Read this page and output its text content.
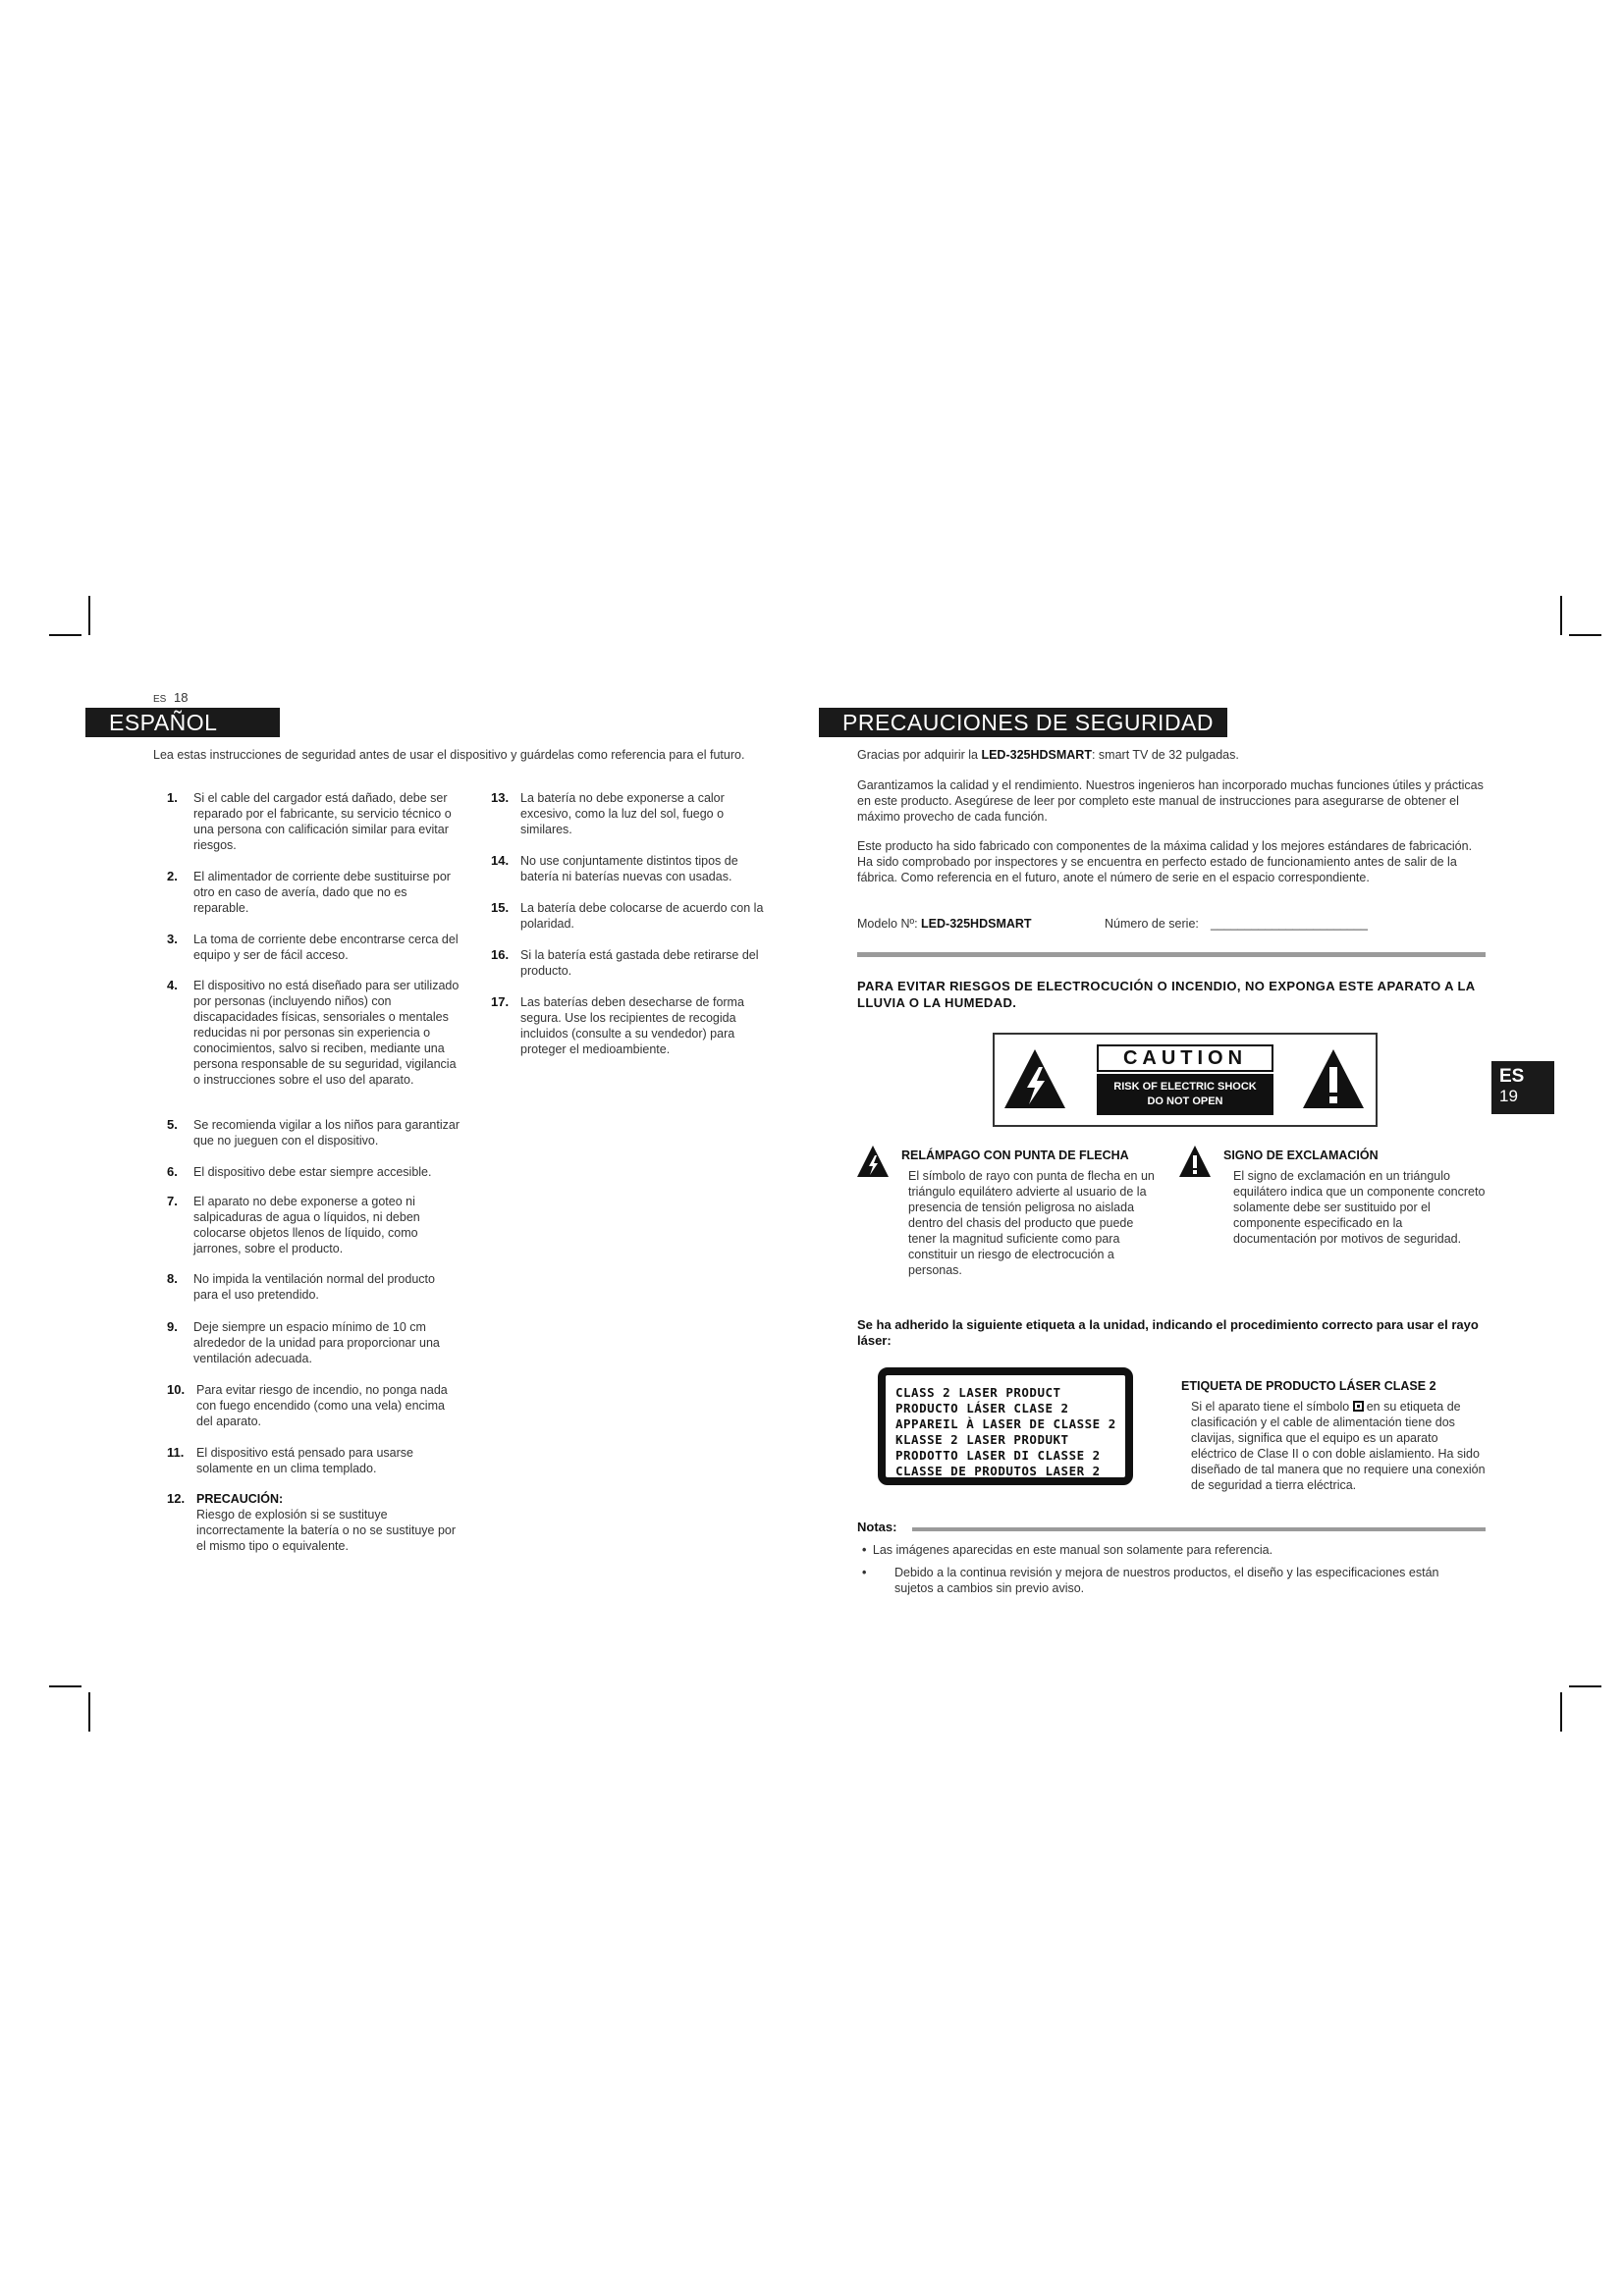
ES 18
ESPAÑOL
Lea estas instrucciones de seguridad antes de usar el dispositivo y guárdelas como referencia para el futuro.
1.	Si el cable del cargador está dañado, debe ser reparado por el fabricante, su servicio técnico o una persona con calificación similar para evitar riesgos.
2.	El alimentador de corriente debe sustituirse por otro en caso de avería, dado que no es reparable.
3.	La toma de corriente debe encontrarse cerca del equipo y ser de fácil acceso.
4.	El dispositivo no está diseñado para ser utilizado por personas (incluyendo niños) con discapacidades físicas, sensoriales o mentales reducidas ni por personas sin experiencia o conocimientos, salvo si reciben, mediante una persona responsable de su seguridad, vigilancia o instrucciones sobre el uso del aparato.
5.	Se recomienda vigilar a los niños para garantizar que no jueguen con el dispositivo.
6.	El dispositivo debe estar siempre accesible.
7.	El aparato no debe exponerse a goteo ni salpicaduras de agua o líquidos, ni deben colocarse objetos llenos de líquido, como jarrones, sobre el producto.
8.	No impida la ventilación normal del producto para el uso pretendido.
9.	Deje siempre un espacio mínimo de 10 cm alrededor de la unidad para proporcionar una ventilación adecuada.
10. Para evitar riesgo de incendio, no ponga nada con fuego encendido (como una vela) encima del aparato.
11.	El dispositivo está pensado para usarse solamente en un clima templado.
12. PRECAUCIÓN:
Riesgo de explosión si se sustituye incorrectamente la batería o no se sustituye por el mismo tipo o equivalente.
13. La batería no debe exponerse a calor excesivo, como la luz del sol, fuego o similares.
14. No use conjuntamente distintos tipos de batería ni baterías nuevas con usadas.
15. La batería debe colocarse de acuerdo con la polaridad.
16. Si la batería está gastada debe retirarse del producto.
17. Las baterías deben desecharse de forma segura. Use los recipientes de recogida incluidos (consulte a su vendedor) para proteger el medioambiente.
PRECAUCIONES DE SEGURIDAD
Gracias por adquirir la LED-325HDSMART: smart TV de 32 pulgadas.
Garantizamos la calidad y el rendimiento. Nuestros ingenieros han incorporado muchas funciones útiles y prácticas en este producto. Asegúrese de leer por completo este manual de instrucciones para asegurarse de obtener el máximo provecho de cada función.
Este producto ha sido fabricado con componentes de la máxima calidad y los mejores estándares de fabricación. Ha sido comprobado por inspectores y se encuentra en perfecto estado de funcionamiento antes de salir de la fábrica. Como referencia en el futuro, anote el número de serie en el espacio correspondiente.
Modelo Nº: LED-325HDSMART	Número de serie: _______________________
PARA EVITAR RIESGOS DE ELECTROCUCIÓN O INCENDIO, NO EXPONGA ESTE APARATO A LA LLUVIA O LA HUMEDAD.
CAUTION
RISK OF ELECTRIC SHOCK
DO NOT OPEN
RELÁMPAGO CON PUNTA DE FLECHA
El símbolo de rayo con punta de flecha en un triángulo equilátero advierte al usuario de la presencia de tensión peligrosa no aislada dentro del chasis del producto que puede tener la magnitud suficiente como para constituir un riesgo de electrocución a personas.
SIGNO DE EXCLAMACIÓN
El signo de exclamación en un triángulo equilátero indica que un componente concreto solamente debe ser sustituido por el componente especificado en la documentación por motivos de seguridad.
Se ha adherido la siguiente etiqueta a la unidad, indicando el procedimiento correcto para usar el rayo láser:
CLASS 2 LASER PRODUCT
PRODUCTO LÁSER CLASE 2
APPAREIL À LASER DE CLASSE 2
KLASSE 2 LASER PRODUKT
PRODOTTO LASER DI CLASSE 2
CLASSE DE PRODUTOS LASER 2
ETIQUETA DE PRODUCTO LÁSER CLASE 2
Si el aparato tiene el símbolo
en su etiqueta de clasificación y el cable de alimentación tiene dos clavijas, significa que el equipo es un aparato eléctrico de Clase II o con doble aislamiento. Ha sido diseñado de tal manera que no requiere una conexión de seguridad a tierra eléctrica.
Notas:
• Las imágenes aparecidas en este manual son solamente para referencia.
•	Debido a la continua revisión y mejora de nuestros productos, el diseño y las especificaciones están sujetos a cambios sin previo aviso.
ES
19
